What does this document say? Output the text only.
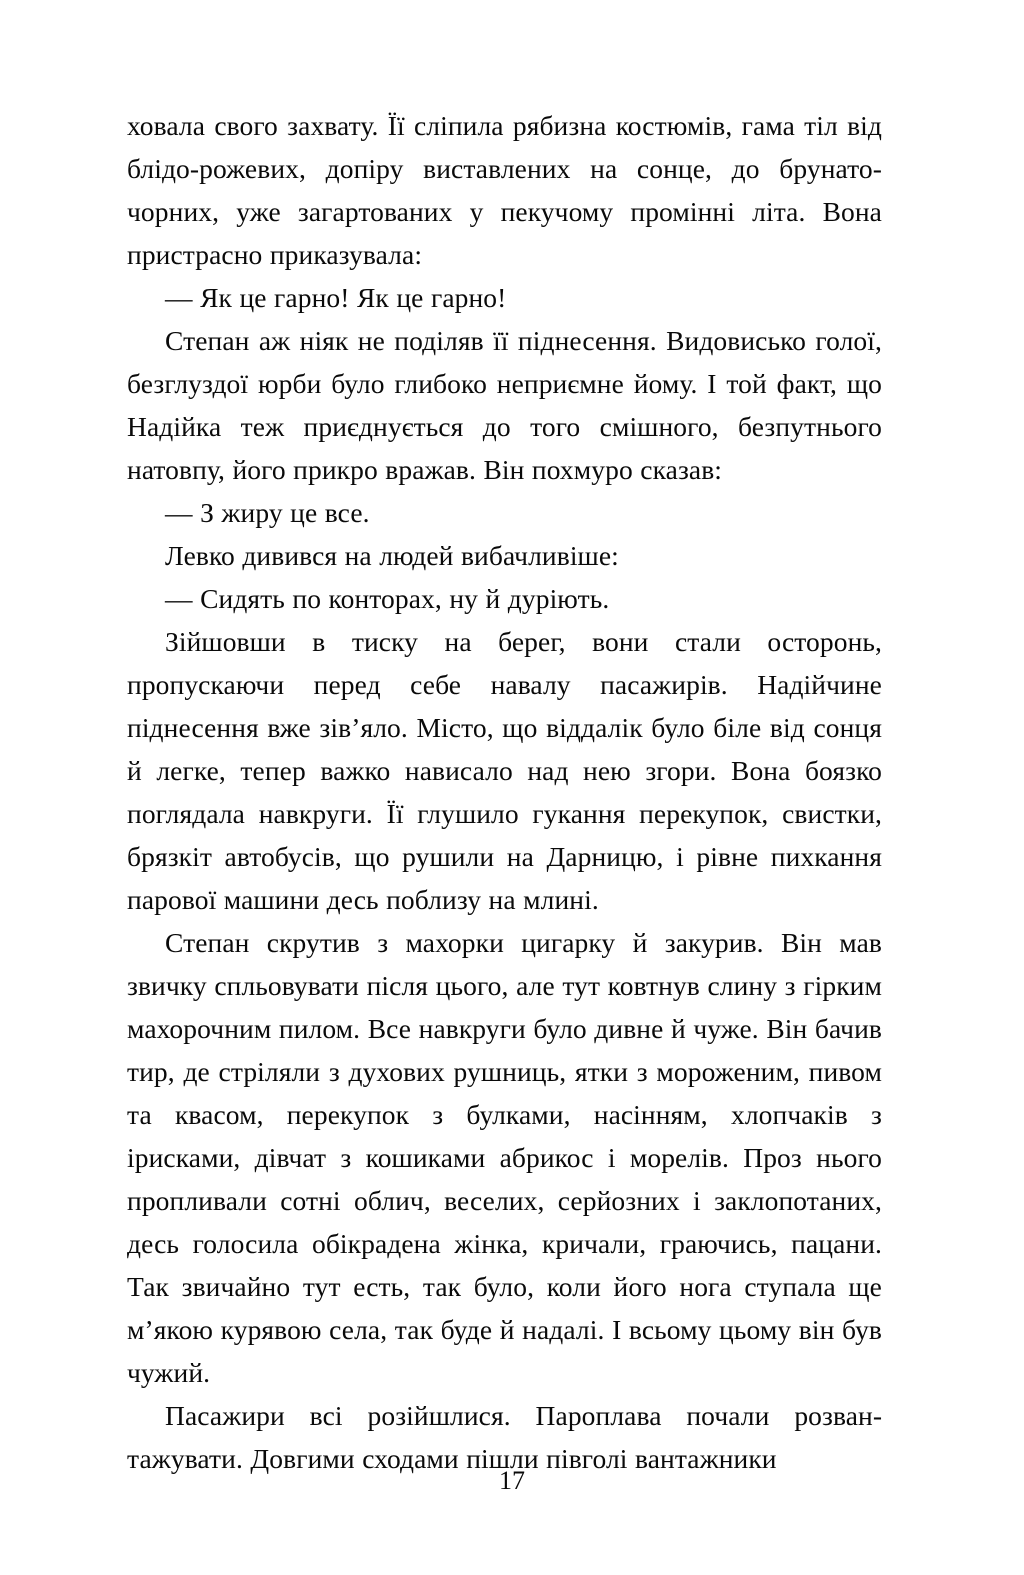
ховала свого захвату. Її сліпила рябизна костюмів, гама тіл від блідо-рожевих, допіру виставлених на сонце, до брунато-чорних, уже загартованих у пекучому промінні літа. Вона пристрасно приказувала:

— Як це гарно! Як це гарно!

Степан аж ніяк не поділяв її піднесення. Видовисько голої, безглуздої юрби було глибоко неприємне йому. І той факт, що Надійка теж приєднується до того смішного, безпутнього натовпу, його прикро вражав. Він похмуро сказав:

— З жиру це все.

Левко дивився на людей вибачливіше:

— Сидять по конторах, ну й дуріють.

Зійшовши в тиску на берег, вони стали осторонь, пропускаючи перед себе навалу пасажирів. Надійчине піднесення вже зів’яло. Місто, що віддалік було біле від сонця й легке, тепер важко нависало над нею згори. Вона боязко поглядала навкруги. Її глушило гукання перекупок, свистки, брязкіт автобусів, що рушили на Дарницю, і рівне пихкання парової машини десь поблизу на млині.

Степан скрутив з махорки цигарку й закурив. Він мав звичку спльовувати після цього, але тут ковтнув слину з гірким махорочним пилом. Все навкруги було дивне й чуже. Він бачив тир, де стріляли з духових рушниць, ятки з мороженим, пивом та квасом, перекупок з булками, насінням, хлопчаків з ірисками, дівчат з кошиками абрикос і морелів. Проз нього пропливали сотні облич, веселих, серйозних і заклопотаних, десь голосила обікрадена жінка, кричали, граючись, пацани. Так звичайно тут есть, так було, коли його нога ступала ще м’якою курявою села, так буде й надалі. І всьому цьому він був чужий.

Пасажири всі розійшлися. Пароплава почали розвантажувати. Довгими сходами пішли півголі вантажники

17
